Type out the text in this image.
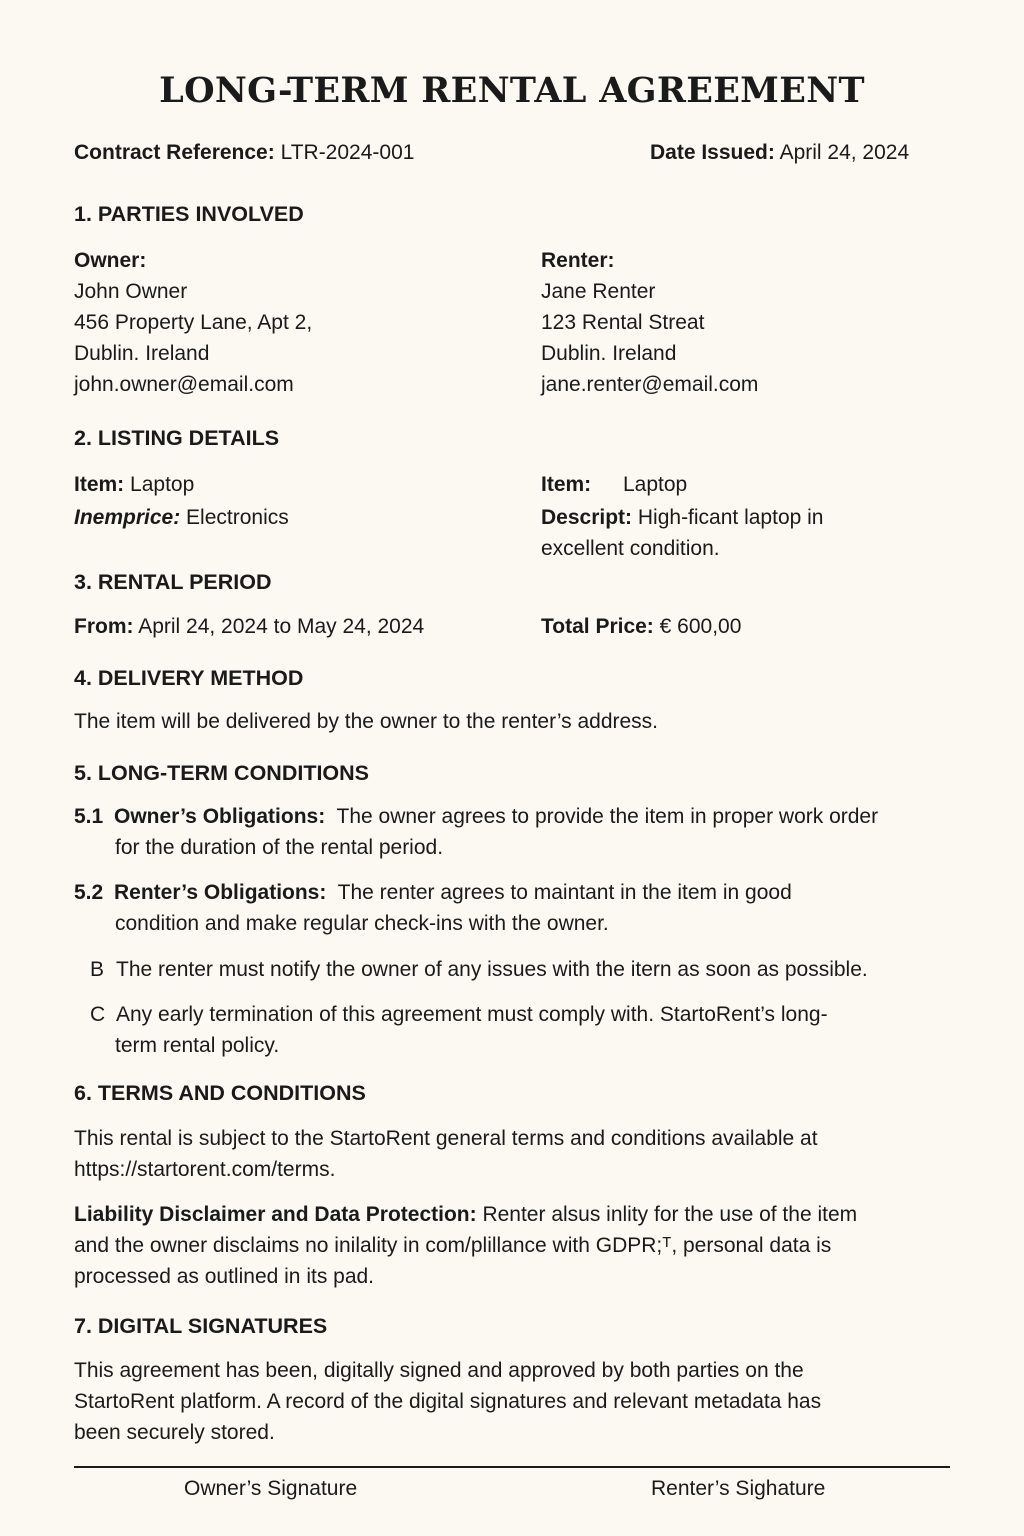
LONG-TERM RENTAL AGREEMENT
Contract Reference: LTR-2024-001	Date Issued: April 24, 2024
1. PARTIES INVOLVED
Owner:
John Owner
456 Property Lane, Apt 2,
Dublin. Ireland
john.owner@email.com
Renter:
Jane Renter
123 Rental Streat
Dublin. Ireland
jane.renter@email.com
2. LISTING DETAILS
Item: Laptop
Inemprice: Electronics
Item: Laptop
Descript: High-ficant laptop in
excellent condition.
3. RENTAL PERIOD
From: April 24, 2024 to May 24, 2024	Total Price: € 600,00
4. DELIVERY METHOD
The item will be delivered by the owner to the renter’s address.
5. LONG-TERM CONDITIONS
5.1 Owner’s Obligations: The owner agrees to provide the item in proper work order
for the duration of the rental period.
5.2 Renter’s Obligations: The renter agrees to maintant in the item in good
condition and make regular check-ins with the owner.
B The renter must notify the owner of any issues with the itern as soon as possible.
C Any early termination of this agreement must comply with. StartoRent’s long-
term rental policy.
6. TERMS AND CONDITIONS
This rental is subject to the StartoRent general terms and conditions available at
https://startorent.com/terms.
Liability Disclaimer and Data Protection: Renter alsus inlity for the use of the item
and the owner disclaims no inilality in com/plillance with GDPR;ᵀ, personal data is
processed as outlined in its pad.
7. DIGITAL SIGNATURES
This agreement has been, digitally signed and approved by both parties on the
StartoRent platform. A record of the digital signatures and relevant metadata has
been securely stored.
Owner’s Signature	Renter’s Sighature
